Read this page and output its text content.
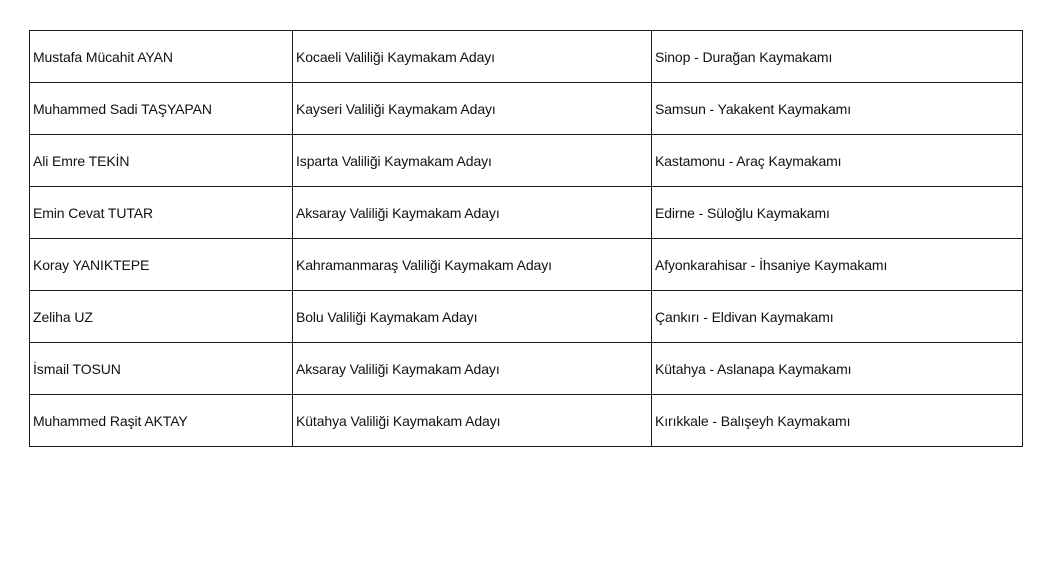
Mustafa Mücahit AYAN	Kocaeli Valiliği Kaymakam Adayı	Sinop - Durağan Kaymakamı
Muhammed Sadi TAŞYAPAN	Kayseri Valiliği Kaymakam Adayı	Samsun - Yakakent Kaymakamı
Ali Emre TEKİN	Isparta Valiliği Kaymakam Adayı	Kastamonu - Araç Kaymakamı
Emin Cevat TUTAR	Aksaray Valiliği Kaymakam Adayı	Edirne - Süloğlu Kaymakamı
Koray YANIKTEPE	Kahramanmaraş Valiliği Kaymakam Adayı	Afyonkarahisar - İhsaniye Kaymakamı
Zeliha UZ	Bolu Valiliği Kaymakam Adayı	Çankırı - Eldivan Kaymakamı
İsmail TOSUN	Aksaray Valiliği Kaymakam Adayı	Kütahya - Aslanapa Kaymakamı
Muhammed Raşit AKTAY	Kütahya Valiliği Kaymakam Adayı	Kırıkkale - Balışeyh Kaymakamı
